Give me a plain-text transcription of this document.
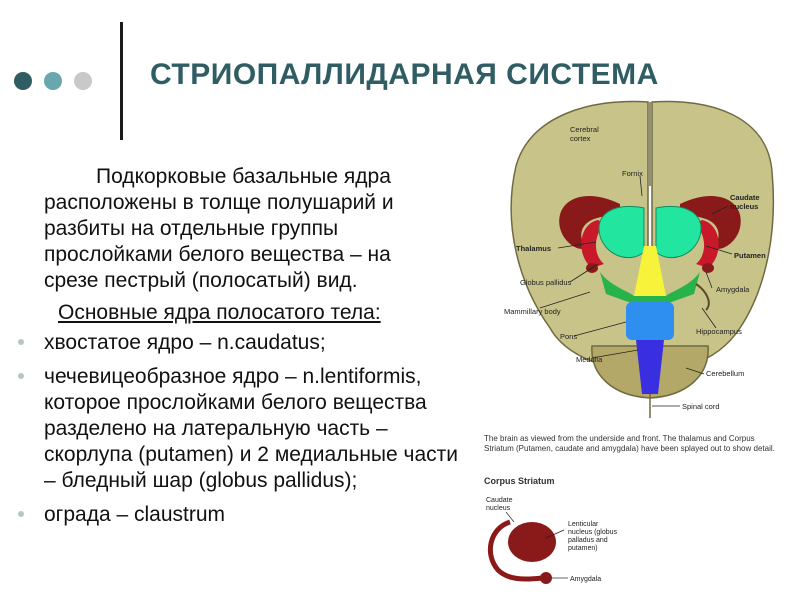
СТРИОПАЛЛИДАРНАЯ СИСТЕМА

Подкорковые базальные ядра
расположены в толще полушарий и
разбиты на отдельные группы
прослойками белого вещества – на
срезе пестрый (полосатый) вид.

Основные ядра полосатого тела:

хвостатое ядро – n.caudatus;
чечевицеобразное ядро – n.lentiformis, которое прослойками белого вещества разделено на латеральную часть – скорлупа (putamen) и 2 медиальные части – бледный шар (globus pallidus);
ограда – claustrum
Cerebral cortex
Fornix
Caudate nucleus
Thalamus
Putamen
Globus pallidus
Amygdala
Mammillary body
Hippocampus
Pons
Medulla
Cerebellum
Spinal cord
The brain as viewed from the underside and front. The thalamus and Corpus Striatum (Putamen, caudate and amygdala) have been splayed out to show detail.
Corpus Striatum
Caudate nucleus
Lenticular nucleus (globus palladus and putamen)
Amygdala
